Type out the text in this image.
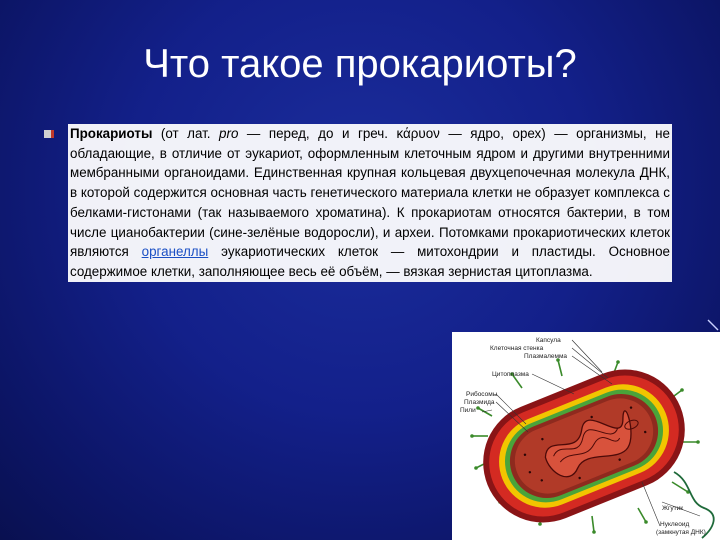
Что такое прокариоты?
Прокариоты (от лат. pro — перед, до и греч. κάρυον — ядро, орех) — организмы, не обладающие, в отличие от эукариот, оформленным клеточным ядром и другими внутренними мембранными органоидами. Единственная крупная кольцевая двухцепочечная молекула ДНК, в которой содержится основная часть генетического материала клетки не образует комплекса с белками-гистонами (так называемого хроматина). К прокариотам относятся бактерии, в том числе цианобактерии (сине-зелёные водоросли), и археи. Потомками прокариотических клеток являются органеллы эукариотических клеток — митохондрии и пластиды. Основное содержимое клетки, заполняющее весь её объём, — вязкая зернистая цитоплазма.
Капсула
Клеточная стенка
Плазмалемма
Цитоплазма
Рибосомы
Плазмида
Пили
Жгутик
Нуклеоид
(замкнутая ДНК)
